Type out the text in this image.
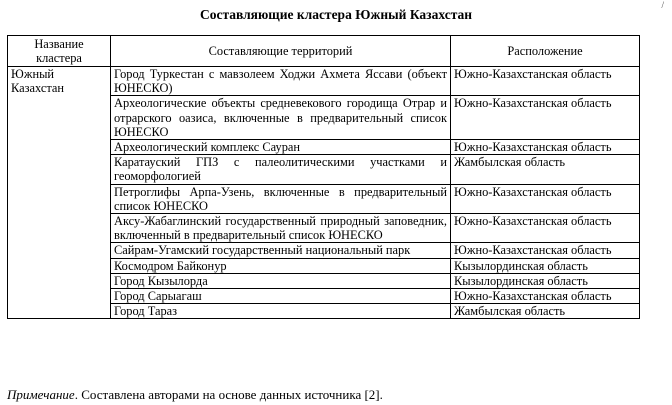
/
Составляющие кластера Южный Казахстан
Название кластера	Составляющие территорий	Расположение
Южный Казахстан	Город Туркестан с мавзолеем Ходжи Ахмета Яссави (объект ЮНЕСКО)	Южно-Казахстанская область
	Археологические объекты средневекового городища Отрар и отрарского оазиса, включенные в предварительный список ЮНЕСКО	Южно-Казахстанская область
	Археологический комплекс Сауран	Южно-Казахстанская область
	Каратауский ГПЗ с палеолитическими участками и геоморфологией	Жамбылская область
	Петроглифы Арпа-Узень, включенные в предварительный список ЮНЕСКО	Южно-Казахстанская область
	Аксу-Жабаглинский государственный природный заповедник, включенный в предварительный список ЮНЕСКО	Южно-Казахстанская область
	Сайрам-Угамский государственный национальный парк	Южно-Казахстанская область
	Космодром Байконур	Кызылординская область
	Город Кызылорда	Кызылординская область
	Город Сарыагаш	Южно-Казахстанская область
	Город Тараз	Жамбылская область
Примечание. Составлена авторами на основе данных источника [2].
